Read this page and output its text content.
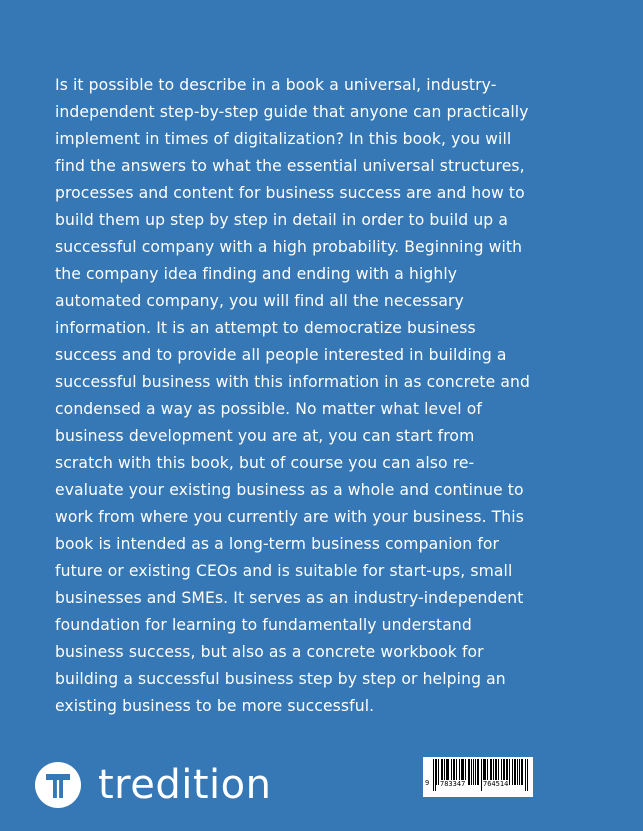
Is it possible to describe in a book a universal, industry-independent step-by-step guide that anyone can practically implement in times of digitalization? In this book, you will find the answers to what the essential universal structures, processes and content for business success are and how to build them up step by step in detail in order to build up a successful company with a high probability. Beginning with the company idea finding and ending with a highly automated company, you will find all the necessary information. It is an attempt to democratize business success and to provide all people interested in building a successful business with this information in as concrete and condensed a way as possible. No matter what level of business development you are at, you can start from scratch with this book, but of course you can also re-evaluate your existing business as a whole and continue to work from where you currently are with your business. This book is intended as a long-term business companion for future or existing CEOs and is suitable for start-ups, small businesses and SMEs. It serves as an industry-independent foundation for learning to fundamentally understand business success, but also as a concrete workbook for building a successful business step by step or helping an existing business to be more successful.

tredition	9 783347	764514
